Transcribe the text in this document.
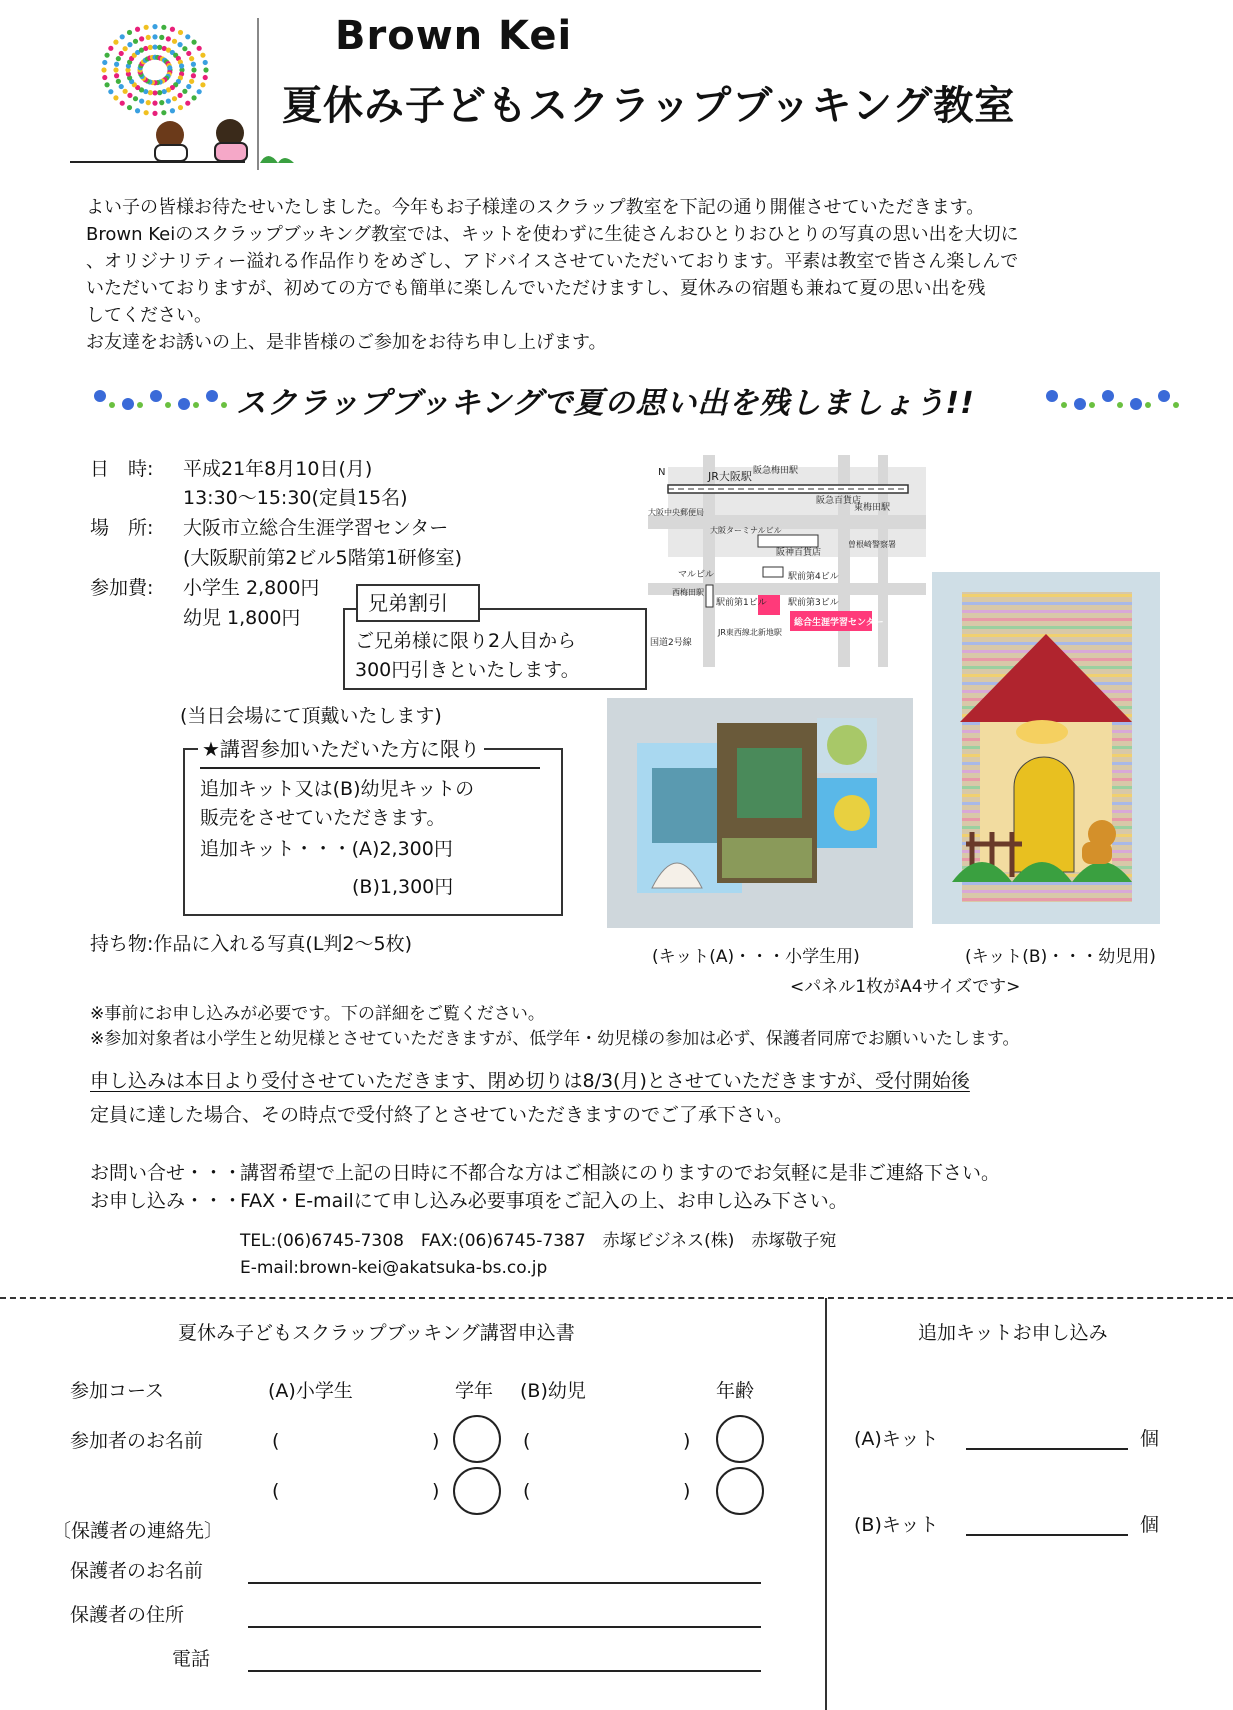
Brown Kei
夏休み子どもスクラップブッキング教室
よい子の皆様お待たせいたしました。今年もお子様達のスクラップ教室を下記の通り開催させていただきます。
Brown Keiのスクラップブッキング教室では、キットを使わずに生徒さんおひとりおひとりの写真の思い出を大切に
、オリジナリティー溢れる作品作りをめざし、アドバイスさせていただいております。平素は教室で皆さん楽しんで
いただいておりますが、初めての方でも簡単に楽しんでいただけますし、夏休みの宿題も兼ねて夏の思い出を残
してください。
お友達をお誘いの上、是非皆様のご参加をお待ち申し上げます。
スクラップブッキングで夏の思い出を残しましょう!!
日　時: 平成21年8月10日(月)
13:30～15:30(定員15名)
場　所: 大阪市立総合生涯学習センター
(大阪駅前第2ビル5階第1研修室)
参加費: 小学生 2,800円
幼児 1,800円
兄弟割引
ご兄弟様に限り2人目から
300円引きといたします。
(当日会場にて頂戴いたします)
★講習参加いただいた方に限り
追加キット又は(B)幼児キットの
販売をさせていただきます。
追加キット・・・(A)2,300円
(B)1,300円
持ち物:作品に入れる写真(L判2～5枚)
JR大阪駅 阪急梅田駅
阪急百貨店
東梅田駅
大阪ターミナルビル
大阪中央郵便局
阪神百貨店
曽根崎警察署
マルビル	駅前第4ビル
西梅田駅
駅前第1ビル 駅前第3ビル
国道2号線
JR東西線北新地駅
総合生涯学習センター
N
(キット(A)・・・小学生用)	(キット(B)・・・幼児用)
<パネル1枚がA4サイズです>
※事前にお申し込みが必要です。下の詳細をご覧ください。
※参加対象者は小学生と幼児様とさせていただきますが、低学年・幼児様の参加は必ず、保護者同席でお願いいたします。
申し込みは本日より受付させていただきます、閉め切りは8/3(月)とさせていただきますが、受付開始後
定員に達した場合、その時点で受付終了とさせていただきますのでご了承下さい。
お問い合せ・・・
講習希望で上記の日時に不都合な方はご相談にのりますのでお気軽に是非ご連絡下さい。
お申し込み・・・
FAX・E-mailにて申し込み必要事項をご記入の上、お申し込み下さい。
TEL:(06)6745-7308　FAX:(06)6745-7387　赤塚ビジネス(株)　赤塚敬子宛
E-mail:brown-kei@akatsuka-bs.co.jp
夏休み子どもスクラップブッキング講習申込書
参加コース	(A)小学生	学年 (B)幼児	年齢
参加者のお名前	(	)	(	)
(	)	(	)
〔保護者の連絡先〕
保護者のお名前
保護者の住所
電話
追加キットお申し込み
(A)キット	個
(B)キット	個
